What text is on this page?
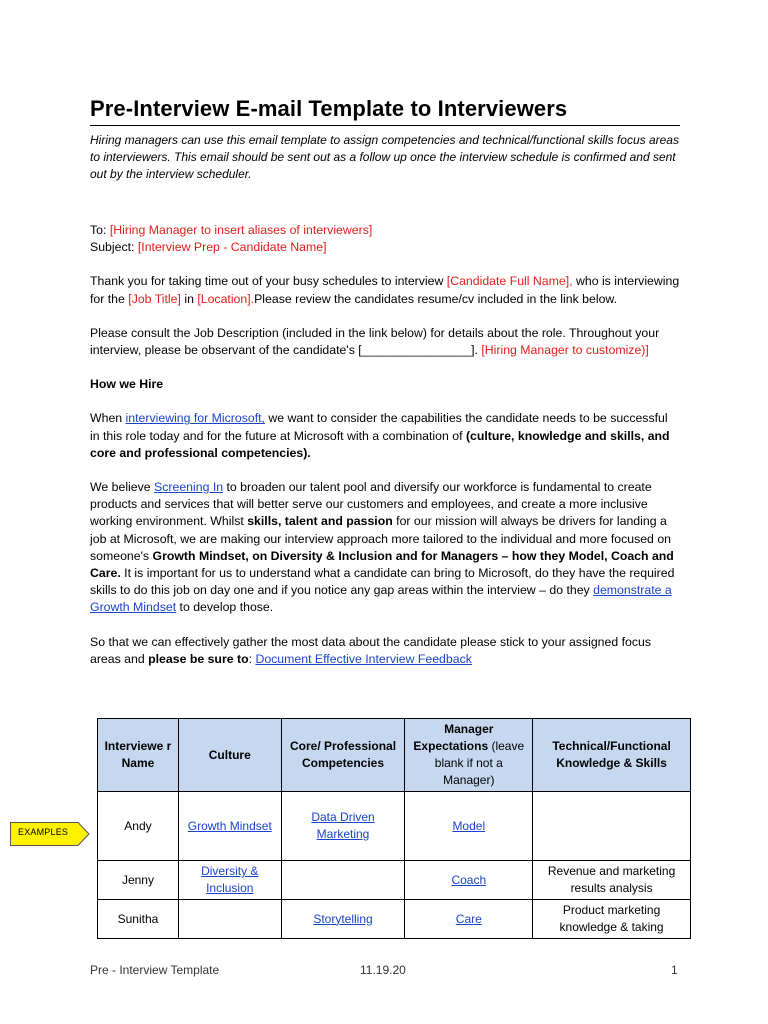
Pre-Interview E-mail Template to Interviewers
Hiring managers can use this email template to assign competencies and technical/functional skills focus areas to interviewers. This email should be sent out as a follow up once the interview schedule is confirmed and sent out by the interview scheduler.

To: [Hiring Manager to insert aliases of interviewers]

Subject: [Interview Prep - Candidate Name]

Thank you for taking time out of your busy schedules to interview [Candidate Full Name], who is interviewing for the [Job Title] in [Location].Please review the candidates resume/cv included in the link below.

Please consult the Job Description (included in the link below) for details about the role. Throughout your interview, please be observant of the candidate's [________________]. [Hiring Manager to customize)]

How we Hire

When interviewing for Microsoft, we want to consider the capabilities the candidate needs to be successful in this role today and for the future at Microsoft with a combination of (culture, knowledge and skills, and core and professional competencies).

We believe Screening In to broaden our talent pool and diversify our workforce is fundamental to create products and services that will better serve our customers and employees, and create a more inclusive working environment. Whilst skills, talent and passion for our mission will always be drivers for landing a job at Microsoft, we are making our interview approach more tailored to the individual and more focused on someone's Growth Mindset, on Diversity & Inclusion and for Managers – how they Model, Coach and Care. It is important for us to understand what a candidate can bring to Microsoft, do they have the required skills to do this job on day one and if you notice any gap areas within the interview – do they demonstrate a Growth Mindset to develop those.

So that we can effectively gather the most data about the candidate please stick to your assigned focus areas and please be sure to: Document Effective Interview Feedback

EXAMPLES
Interviewe r Name	Culture	Core/ Professional Competencies	Manager Expectations (leave blank if not a Manager)	Technical/Functional Knowledge & Skills
Andy	Growth Mindset	Data Driven Marketing	Model	
Jenny	Diversity & Inclusion		Coach	Revenue and marketing results analysis
Sunitha		Storytelling	Care	Product marketing knowledge & taking
Pre - Interview Template	11.19.20	1
